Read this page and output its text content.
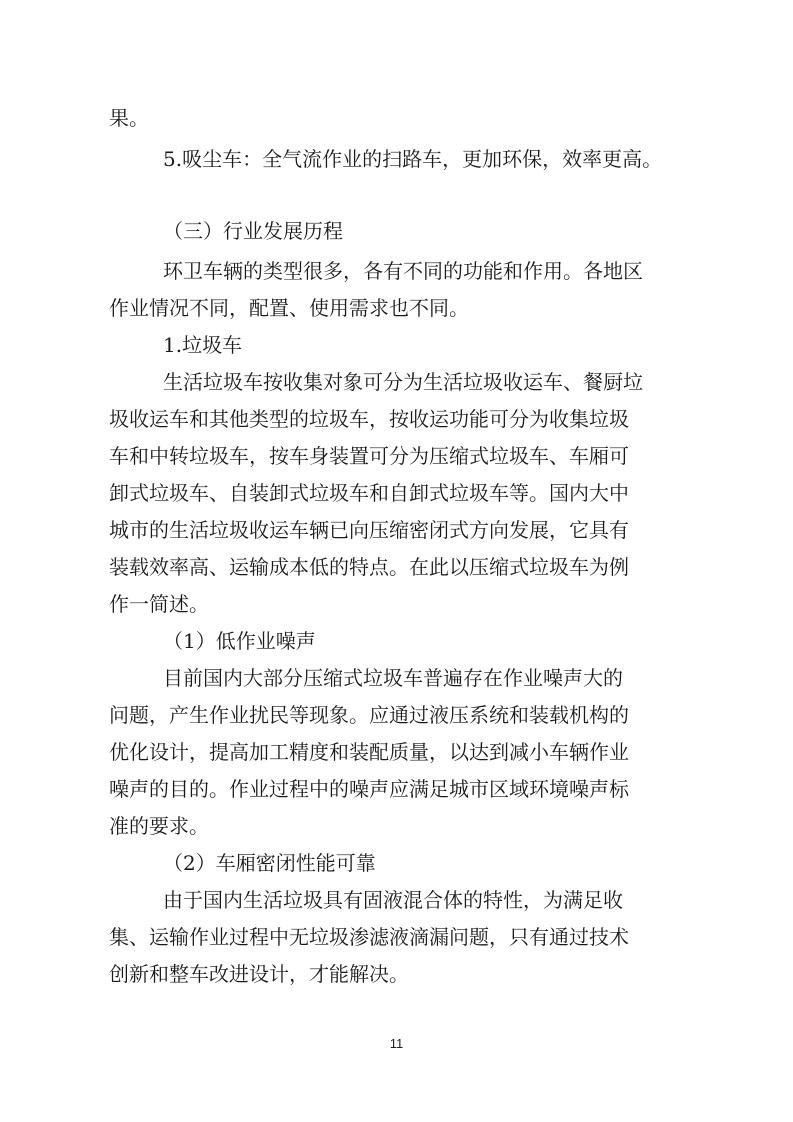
果。
5.吸尘车：全气流作业的扫路车，更加环保，效率更高。
（三）行业发展历程
环卫车辆的类型很多，各有不同的功能和作用。各地区
作业情况不同，配置、使用需求也不同。
1.垃圾车
生活垃圾车按收集对象可分为生活垃圾收运车、餐厨垃
圾收运车和其他类型的垃圾车，按收运功能可分为收集垃圾
车和中转垃圾车，按车身装置可分为压缩式垃圾车、车厢可
卸式垃圾车、自装卸式垃圾车和自卸式垃圾车等。国内大中
城市的生活垃圾收运车辆已向压缩密闭式方向发展，它具有
装载效率高、运输成本低的特点。在此以压缩式垃圾车为例
作一简述。
（1）低作业噪声
目前国内大部分压缩式垃圾车普遍存在作业噪声大的
问题，产生作业扰民等现象。应通过液压系统和装载机构的
优化设计，提高加工精度和装配质量，以达到减小车辆作业
噪声的目的。作业过程中的噪声应满足城市区域环境噪声标
准的要求。
（2）车厢密闭性能可靠
由于国内生活垃圾具有固液混合体的特性，为满足收
集、运输作业过程中无垃圾渗滤液滴漏问题，只有通过技术
创新和整车改进设计，才能解决。
11
